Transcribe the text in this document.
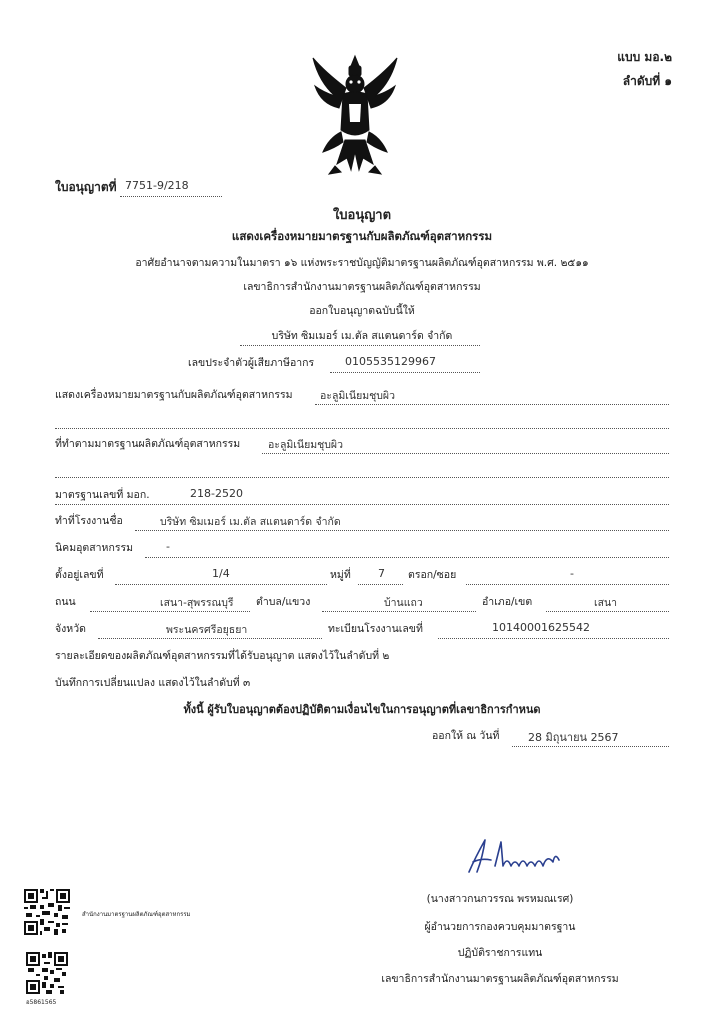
แบบ มอ.๒
ลำดับที่ ๑
ใบอนุญาตที่ 7751-9/218
ใบอนุญาต
แสดงเครื่องหมายมาตรฐานกับผลิตภัณฑ์อุตสาหกรรม
อาศัยอำนาจตามความในมาตรา ๑๖ แห่งพระราชบัญญัติมาตรฐานผลิตภัณฑ์อุตสาหกรรม พ.ศ. ๒๕๑๑
เลขาธิการสำนักงานมาตรฐานผลิตภัณฑ์อุตสาหกรรม
ออกใบอนุญาตฉบับนี้ให้
บริษัท ซิมเมอร์ เม.ตัล สแตนดาร์ด จำกัด
เลขประจำตัวผู้เสียภาษีอากร	0105535129967
แสดงเครื่องหมายมาตรฐานกับผลิตภัณฑ์อุตสาหกรรม	อะลูมิเนียมชุบผิว
ที่ทำตามมาตรฐานผลิตภัณฑ์อุตสาหกรรม	อะลูมิเนียมชุบผิว
มาตรฐานเลขที่ มอก.	218-2520
ทำที่โรงงานชื่อ	บริษัท ซิมเมอร์ เม.ตัล สแตนดาร์ด จำกัด
นิคมอุตสาหกรรม	-
ตั้งอยู่เลขที่	1/4	หมู่ที่ 7 ตรอก/ซอย	-
ถนน	เสนา-สุพรรณบุรี ตำบล/แขวง	บ้านแถว	อำเภอ/เขต	เสนา
จังหวัด	พระนครศรีอยุธยา	ทะเบียนโรงงานเลขที่	10140001625542
รายละเอียดของผลิตภัณฑ์อุตสาหกรรมที่ได้รับอนุญาต แสดงไว้ในลำดับที่ ๒
บันทึกการเปลี่ยนแปลง แสดงไว้ในลำดับที่ ๓
ทั้งนี้ ผู้รับใบอนุญาตต้องปฏิบัติตามเงื่อนไขในการอนุญาตที่เลขาธิการกำหนด
ออกให้ ณ วันที่	28 มิถุนายน 2567
(นางสาวกนกวรรณ พรหมณเรศ)
ผู้อำนวยการกองควบคุมมาตรฐาน
ปฏิบัติราชการแทน
เลขาธิการสำนักงานมาตรฐานผลิตภัณฑ์อุตสาหกรรม
สำนักงานมาตรฐานผลิตภัณฑ์อุตสาหกรรม
อ5861565
